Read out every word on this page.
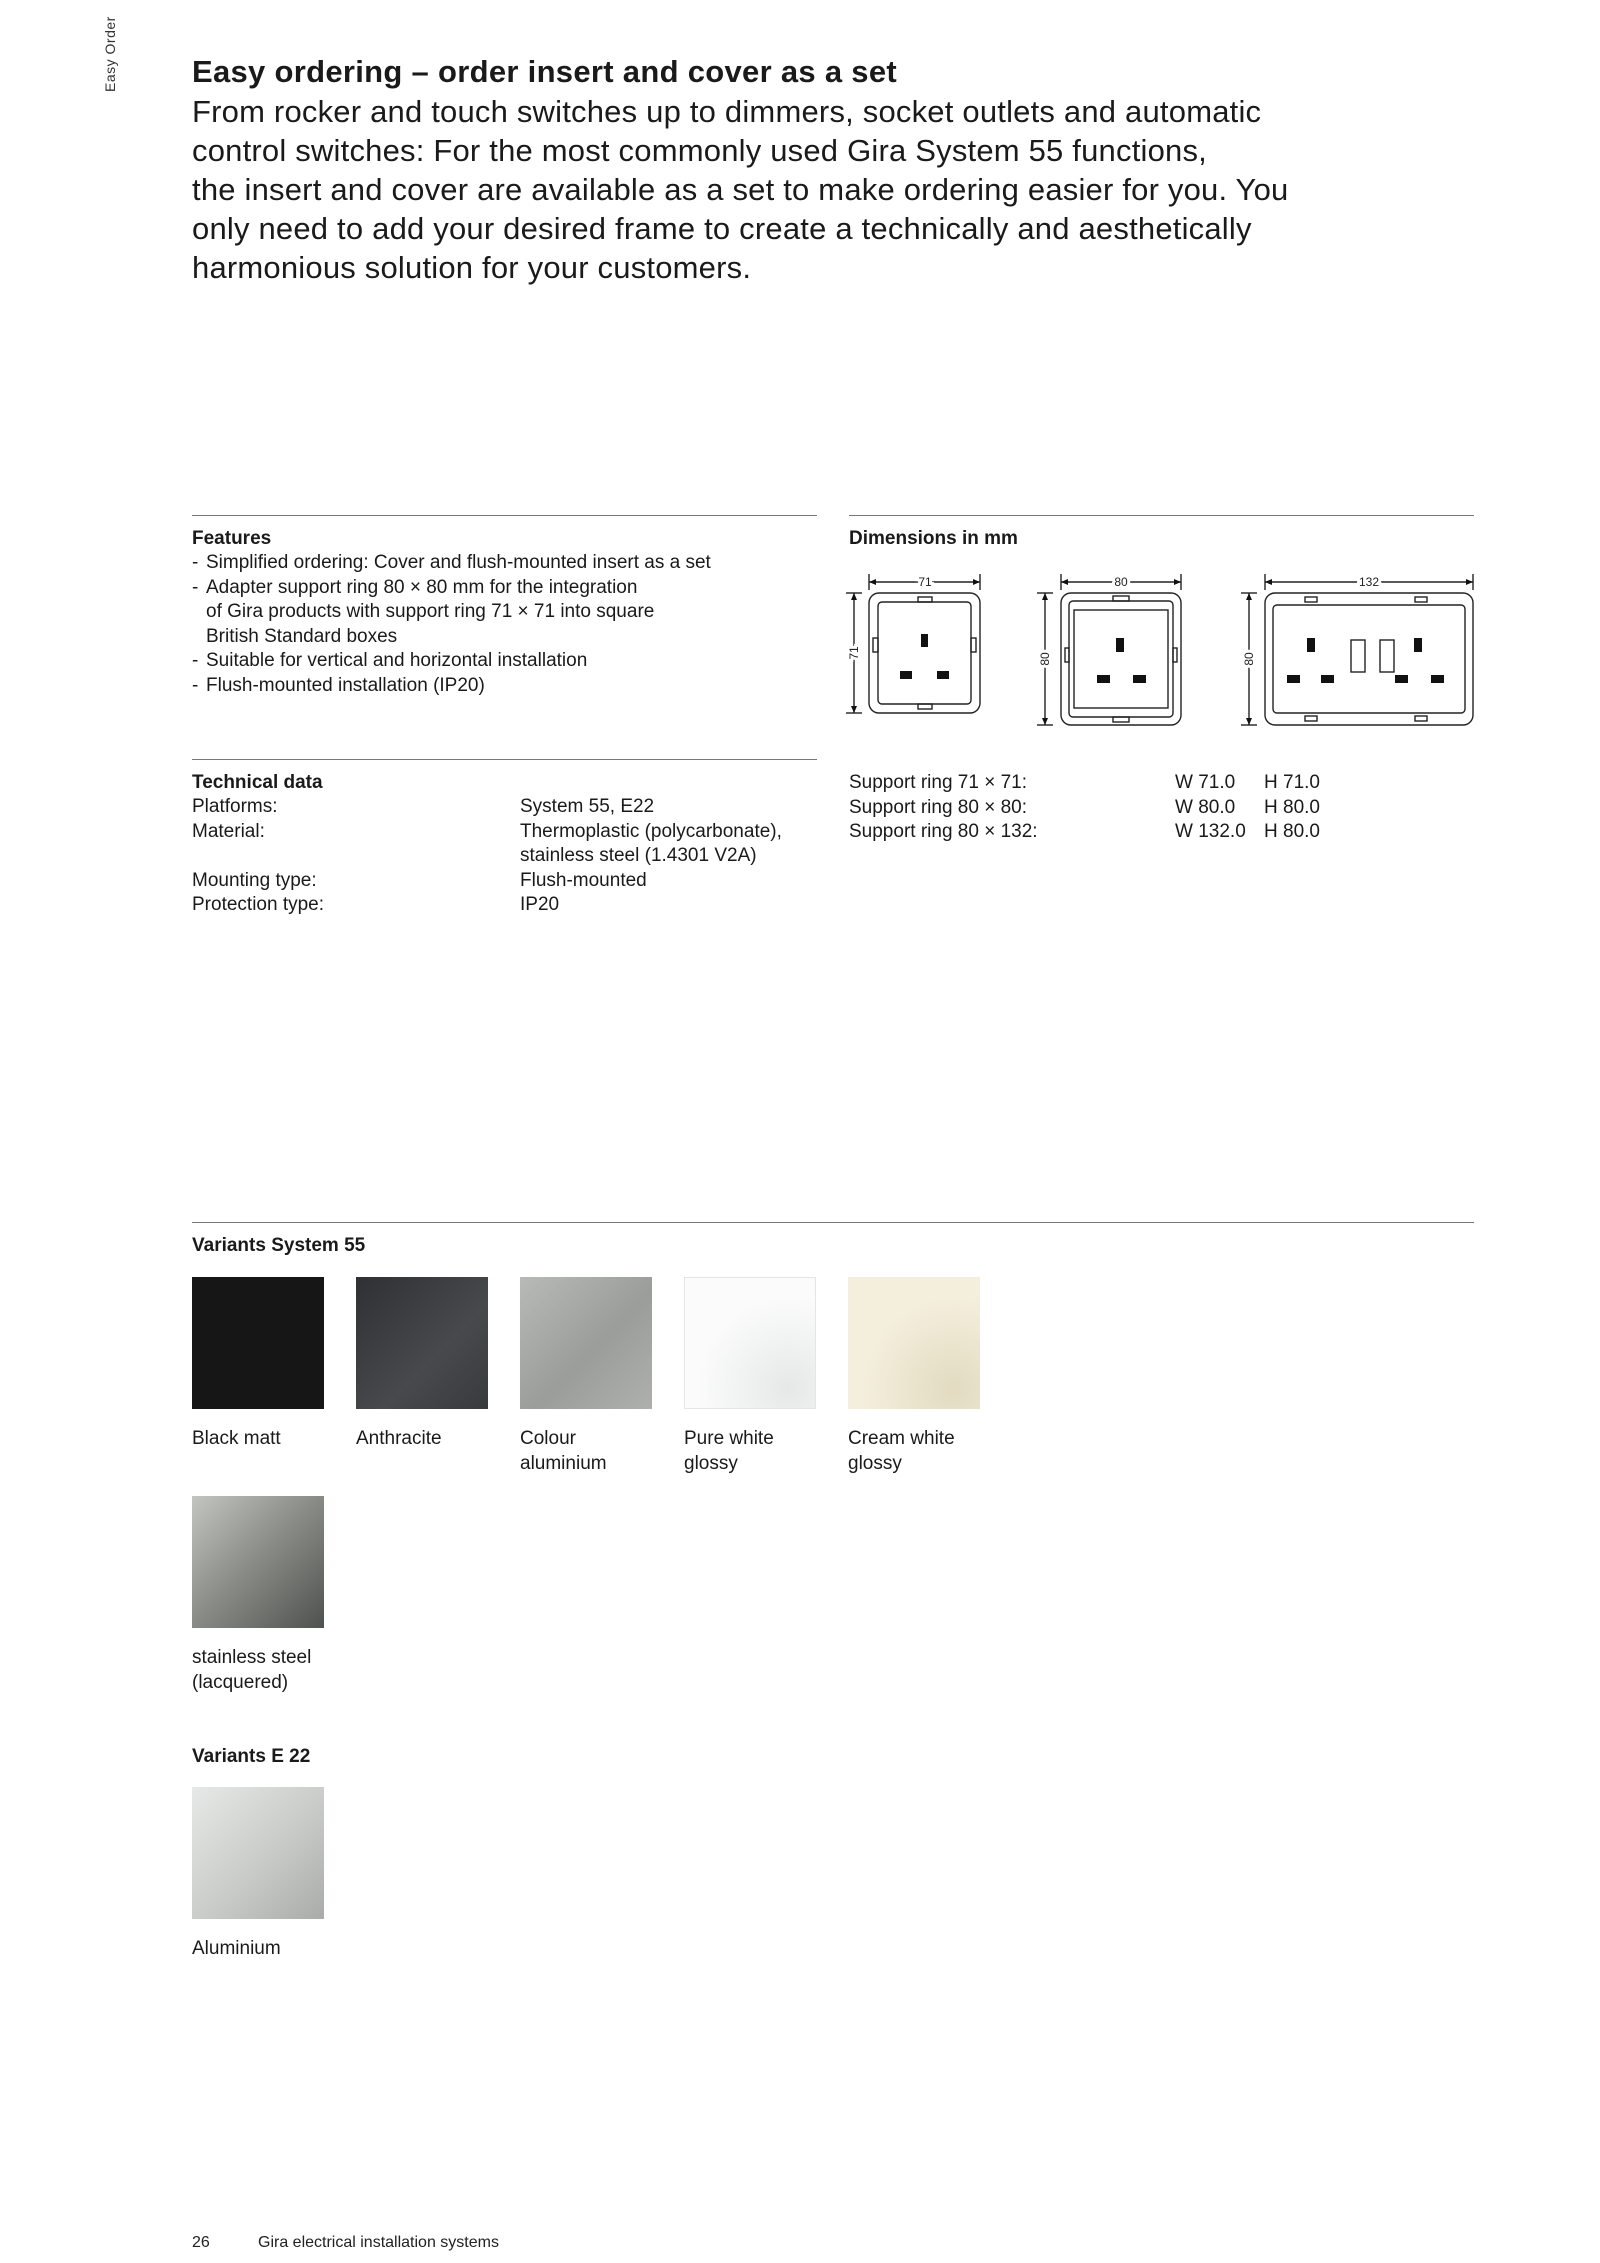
Easy Order Easy ordering – order insert and cover as a set

From rocker and touch switches up to dimmers, socket outlets and automatic

control switches: For the most commonly used Gira System 55 functions,

the insert and cover are available as a set to make ordering easier for you. You

only need to add your desired frame to create a technically and aesthetically

harmonious solution for your customers.

Features
- Simplified ordering: Cover and flush-mounted insert as a set
- Adapter support ring 80 × 80 mm for the integration
of Gira products with support ring 71 × 71 into square
British Standard boxes
- Suitable for vertical and horizontal installation
- Flush-mounted installation (IP20)
Dimensions in mm
71	80	132
71	80	80
Technical data
Platforms:	System 55, E22
Material:	Thermoplastic (polycarbonate),
stainless steel (1.4301 V2A)
Mounting type:	Flush-mounted
Protection type:	IP20
Support ring 71 × 71:	W 71.0	H 71.0
Support ring 80 × 80:	W 80.0	H 80.0
Support ring 80 × 132:	W 132.0	H 80.0
Variants System 55
Black matt	Anthracite	Colour
aluminium
Pure white
glossy
Cream white
glossy
stainless steel
(lacquered)
Variants E 22
Aluminium
26	Gira electrical installation systems
